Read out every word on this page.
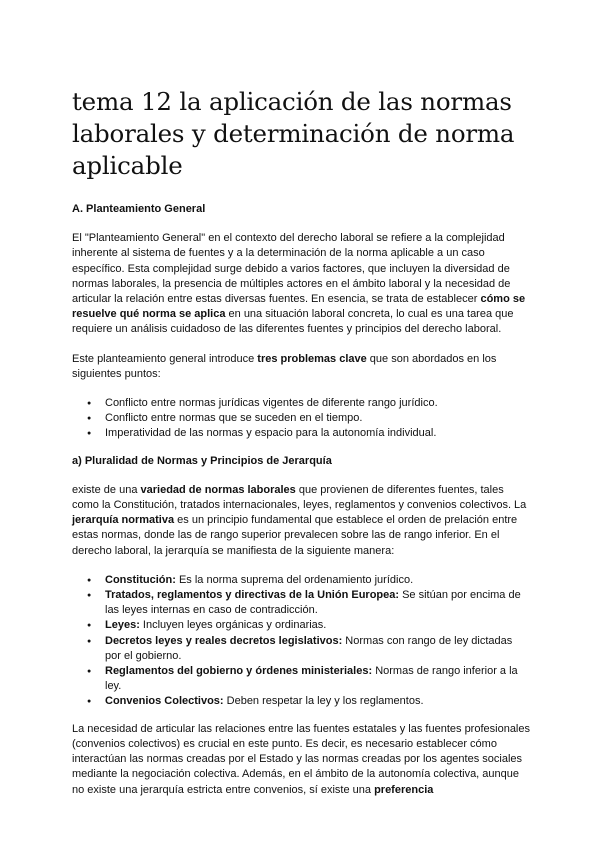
tema 12 la aplicación de las normas laborales y determinación de norma aplicable
A. Planteamiento General

El "Planteamiento General" en el contexto del derecho laboral se refiere a la complejidad inherente al sistema de fuentes y a la determinación de la norma aplicable a un caso específico. Esta complejidad surge debido a varios factores, que incluyen la diversidad de normas laborales, la presencia de múltiples actores en el ámbito laboral y la necesidad de articular la relación entre estas diversas fuentes. En esencia, se trata de establecer cómo se resuelve qué norma se aplica en una situación laboral concreta, lo cual es una tarea que requiere un análisis cuidadoso de las diferentes fuentes y principios del derecho laboral.

Este planteamiento general introduce tres problemas clave que son abordados en los siguientes puntos:

● Conflicto entre normas jurídicas vigentes de diferente rango jurídico.
● Conflicto entre normas que se suceden en el tiempo.
● Imperatividad de las normas y espacio para la autonomía individual.
a) Pluralidad de Normas y Principios de Jerarquía

existe de una variedad de normas laborales que provienen de diferentes fuentes, tales como la Constitución, tratados internacionales, leyes, reglamentos y convenios colectivos. La jerarquía normativa es un principio fundamental que establece el orden de prelación entre estas normas, donde las de rango superior prevalecen sobre las de rango inferior. En el derecho laboral, la jerarquía se manifiesta de la siguiente manera:

● Constitución: Es la norma suprema del ordenamiento jurídico.
● Tratados, reglamentos y directivas de la Unión Europea: Se sitúan por encima de las leyes internas en caso de contradicción.
● Leyes: Incluyen leyes orgánicas y ordinarias.
● Decretos leyes y reales decretos legislativos: Normas con rango de ley dictadas por el gobierno.
● Reglamentos del gobierno y órdenes ministeriales: Normas de rango inferior a la ley.
● Convenios Colectivos: Deben respetar la ley y los reglamentos.

La necesidad de articular las relaciones entre las fuentes estatales y las fuentes profesionales (convenios colectivos) es crucial en este punto. Es decir, es necesario establecer cómo interactúan las normas creadas por el Estado y las normas creadas por los agentes sociales mediante la negociación colectiva. Además, en el ámbito de la autonomía colectiva, aunque no existe una jerarquía estricta entre convenios, sí existe una preferencia
